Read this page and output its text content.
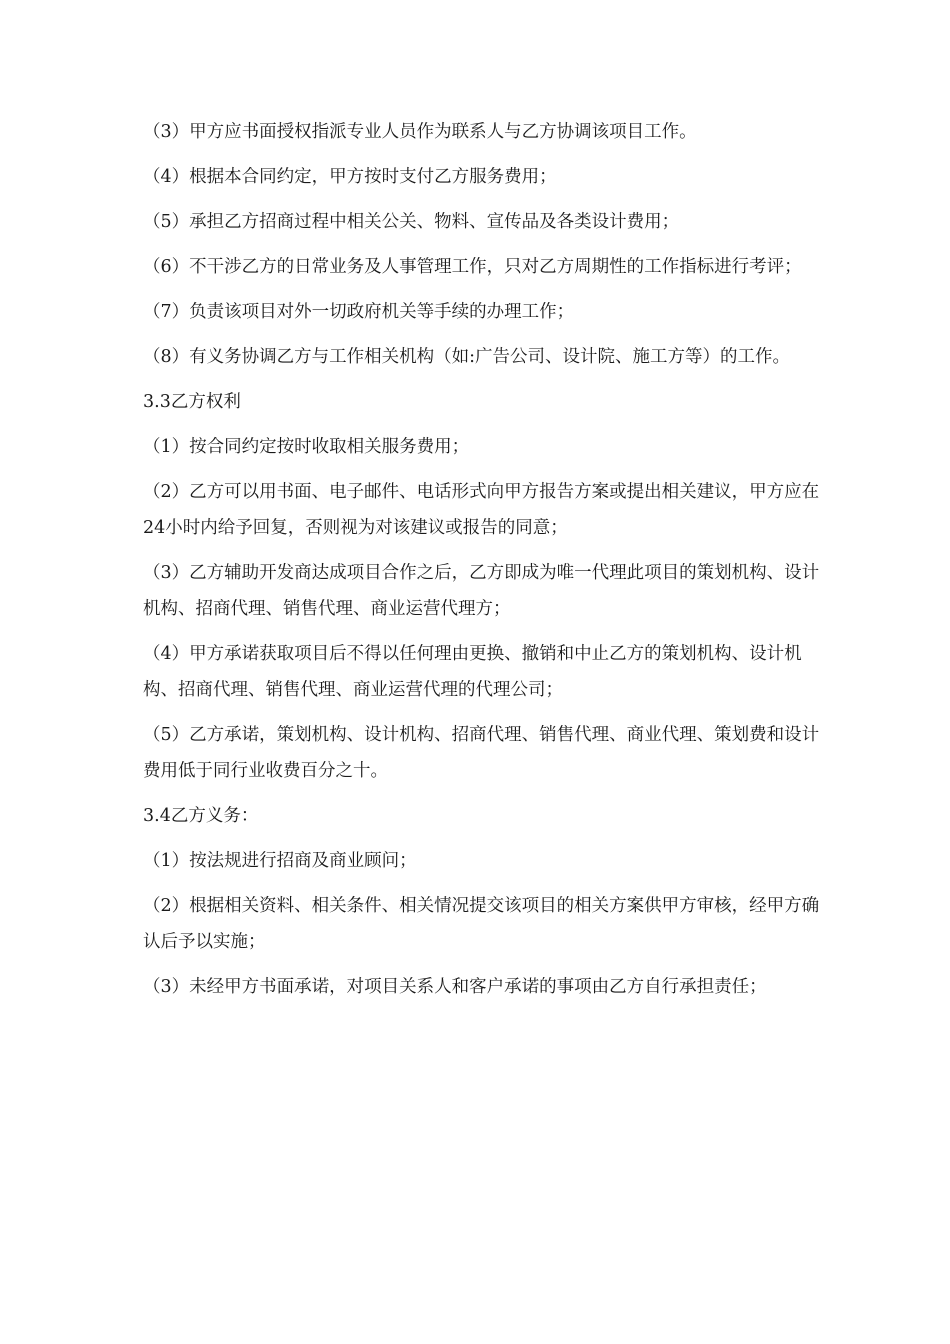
（3）甲方应书面授权指派专业人员作为联系人与乙方协调该项目工作。

（4）根据本合同约定，甲方按时支付乙方服务费用；

（5）承担乙方招商过程中相关公关、物料、宣传品及各类设计费用；

（6）不干涉乙方的日常业务及人事管理工作，只对乙方周期性的工作指标进行考评；

（7）负责该项目对外一切政府机关等手续的办理工作；

（8）有义务协调乙方与工作相关机构（如:广告公司、设计院、施工方等）的工作。

3.3乙方权利

（1）按合同约定按时收取相关服务费用；

（2）乙方可以用书面、电子邮件、电话形式向甲方报告方案或提出相关建议，甲方应在24小时内给予回复，否则视为对该建议或报告的同意；

（3）乙方辅助开发商达成项目合作之后，乙方即成为唯一代理此项目的策划机构、设计机构、招商代理、销售代理、商业运营代理方；

（4）甲方承诺获取项目后不得以任何理由更换、撤销和中止乙方的策划机构、设计机构、招商代理、销售代理、商业运营代理的代理公司；

（5）乙方承诺，策划机构、设计机构、招商代理、销售代理、商业代理、策划费和设计费用低于同行业收费百分之十。

3.4乙方义务：

（1）按法规进行招商及商业顾问；

（2）根据相关资料、相关条件、相关情况提交该项目的相关方案供甲方审核，经甲方确认后予以实施；

（3）未经甲方书面承诺，对项目关系人和客户承诺的事项由乙方自行承担责任；
